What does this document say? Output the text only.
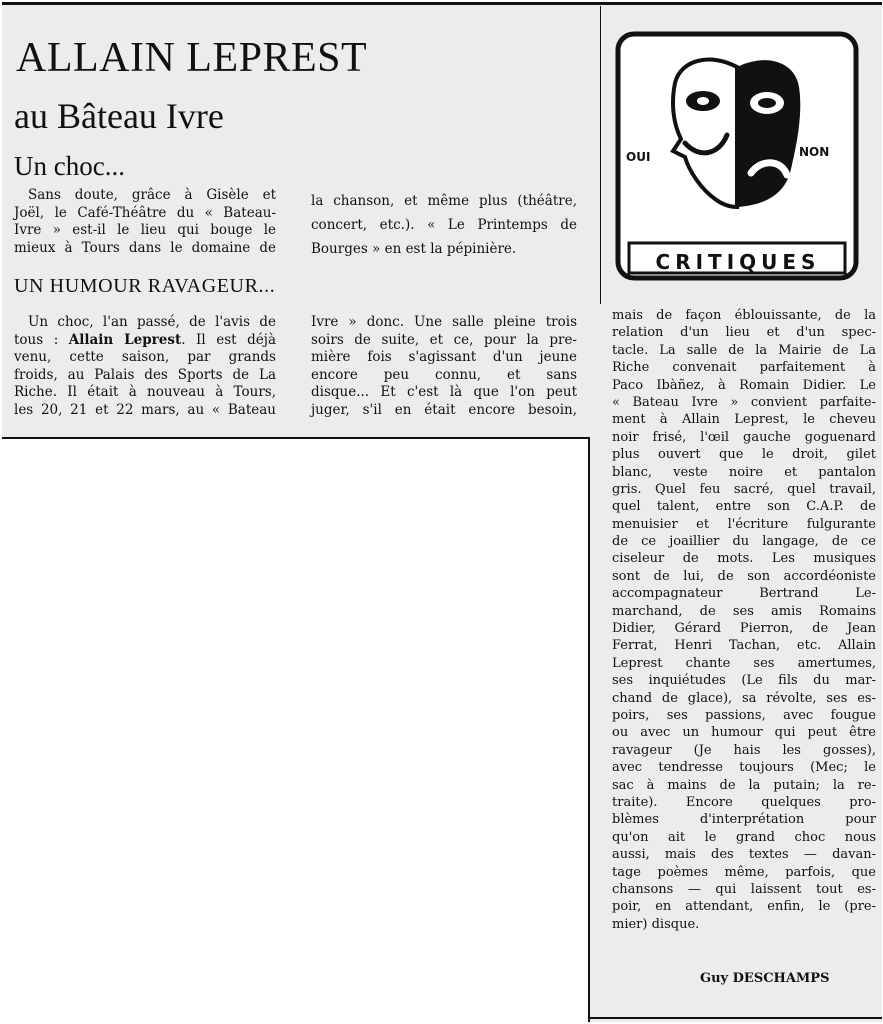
ALLAIN LEPREST
au Bâteau Ivre
Un choc...
Sans doute, grâce à Gisèle et
Joël, le Café-Théâtre du « Bateau-
Ivre » est-il le lieu qui bouge le
mieux à Tours dans le domaine de
la chanson, et même plus (théâtre,
concert, etc.). « Le Printemps de
Bourges » en est la pépinière.
UN HUMOUR RAVAGEUR...
Un choc, l'an passé, de l'avis de
tous : Allain Leprest. Il est déjà
venu, cette saison, par grands
froids, au Palais des Sports de La
Riche. Il était à nouveau à Tours,
les 20, 21 et 22 mars, au « Bateau
Ivre » donc. Une salle pleine trois
soirs de suite, et ce, pour la pre-
mière fois s'agissant d'un jeune
encore peu connu, et sans
disque... Et c'est là que l'on peut
juger, s'il en était encore besoin,
mais de façon éblouissante, de la
relation d'un lieu et d'un spec-
tacle. La salle de la Mairie de La
Riche convenait parfaitement à
Paco Ibàñez, à Romain Didier. Le
« Bateau Ivre » convient parfaite-
ment à Allain Leprest, le cheveu
noir frisé, l'œil gauche goguenard
plus ouvert que le droit, gilet
blanc, veste noire et pantalon
gris. Quel feu sacré, quel travail,
quel talent, entre son C.A.P. de
menuisier et l'écriture fulgurante
de ce joaillier du langage, de ce
ciseleur de mots. Les musiques
sont de lui, de son accordéoniste
accompagnateur Bertrand Le-
marchand, de ses amis Romains
Didier, Gérard Pierron, de Jean
Ferrat, Henri Tachan, etc. Allain
Leprest chante ses amertumes,
ses inquiétudes (Le fils du mar-
chand de glace), sa révolte, ses es-
poirs, ses passions, avec fougue
ou avec un humour qui peut être
ravageur (Je hais les gosses),
avec tendresse toujours (Mec; le
sac à mains de la putain; la re-
traite). Encore quelques pro-
blèmes d'interprétation pour
qu'on ait le grand choc nous
aussi, mais des textes — davan-
tage poèmes même, parfois, que
chansons — qui laissent tout es-
poir, en attendant, enfin, le (pre-
mier) disque.
Guy DESCHAMPS
OUI	NON
CRITIQUES
